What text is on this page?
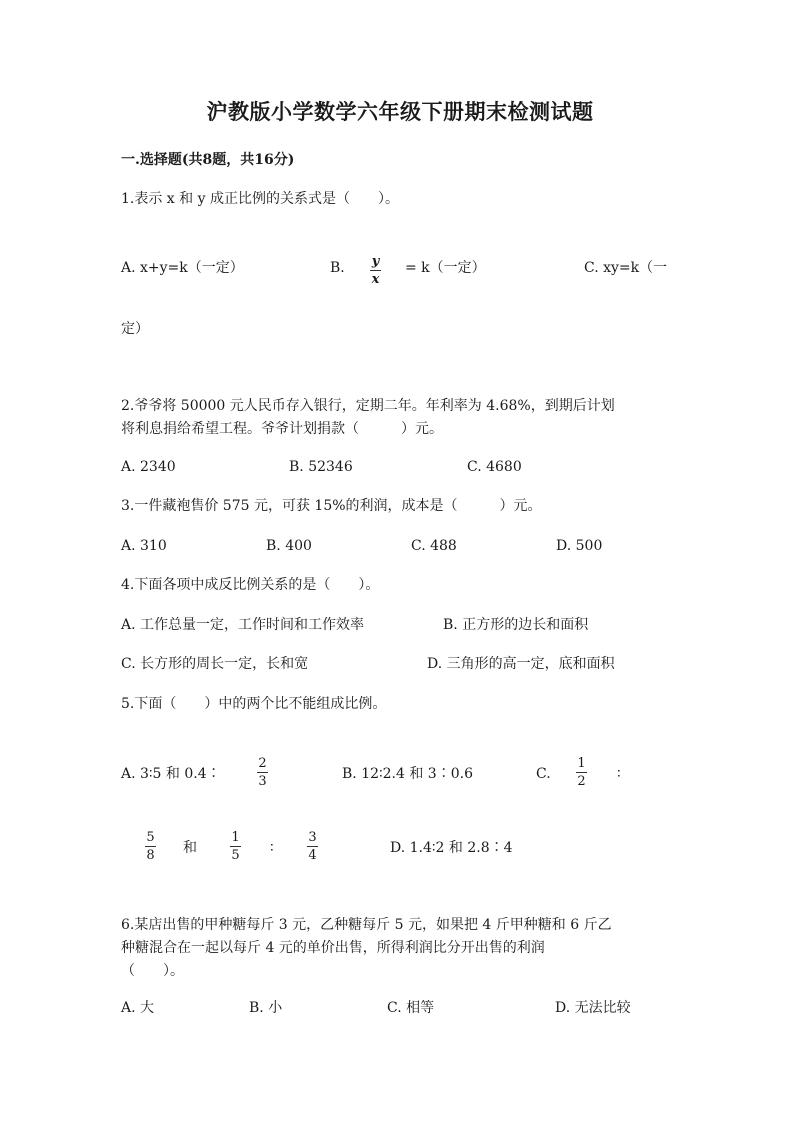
沪教版小学数学六年级下册期末检测试题
一.选择题(共8题，共16分)
1.表示 x 和 y 成正比例的关系式是（　　）。
A. x+y=k（一定）	B. y
x
= k（一定）	C. xy=k（一
定）
2.爷爷将 50000 元人民币存入银行，定期二年。年利率为 4.68%，到期后计划
将利息捐给希望工程。爷爷计划捐款（　　　）元。
A. 2340	B. 52346	C. 4680
3.一件藏袍售价 575 元，可获 15%的利润，成本是（　　　）元。
A. 310	B. 400	C. 488	D. 500
4.下面各项中成反比例关系的是（　　）。
A. 工作总量一定，工作时间和工作效率	B. 正方形的边长和面积
C. 长方形的周长一定，长和宽	D. 三角形的高一定，底和面积
5.下面（　　）中的两个比不能组成比例。
A. 3∶5 和 0.4∶
2
3	B. 12∶2.4 和 3∶0.6	C.
1
2 ∶
5
8 和
1
5 ∶
3
4	D. 1.4∶2 和 2.8∶4
6.某店出售的甲种糖每斤 3 元，乙种糖每斤 5 元，如果把 4 斤甲种糖和 6 斤乙
种糖混合在一起以每斤 4 元的单价出售，所得利润比分开出售的利润
（　　）。
A. 大	B. 小	C. 相等	D. 无法比较
